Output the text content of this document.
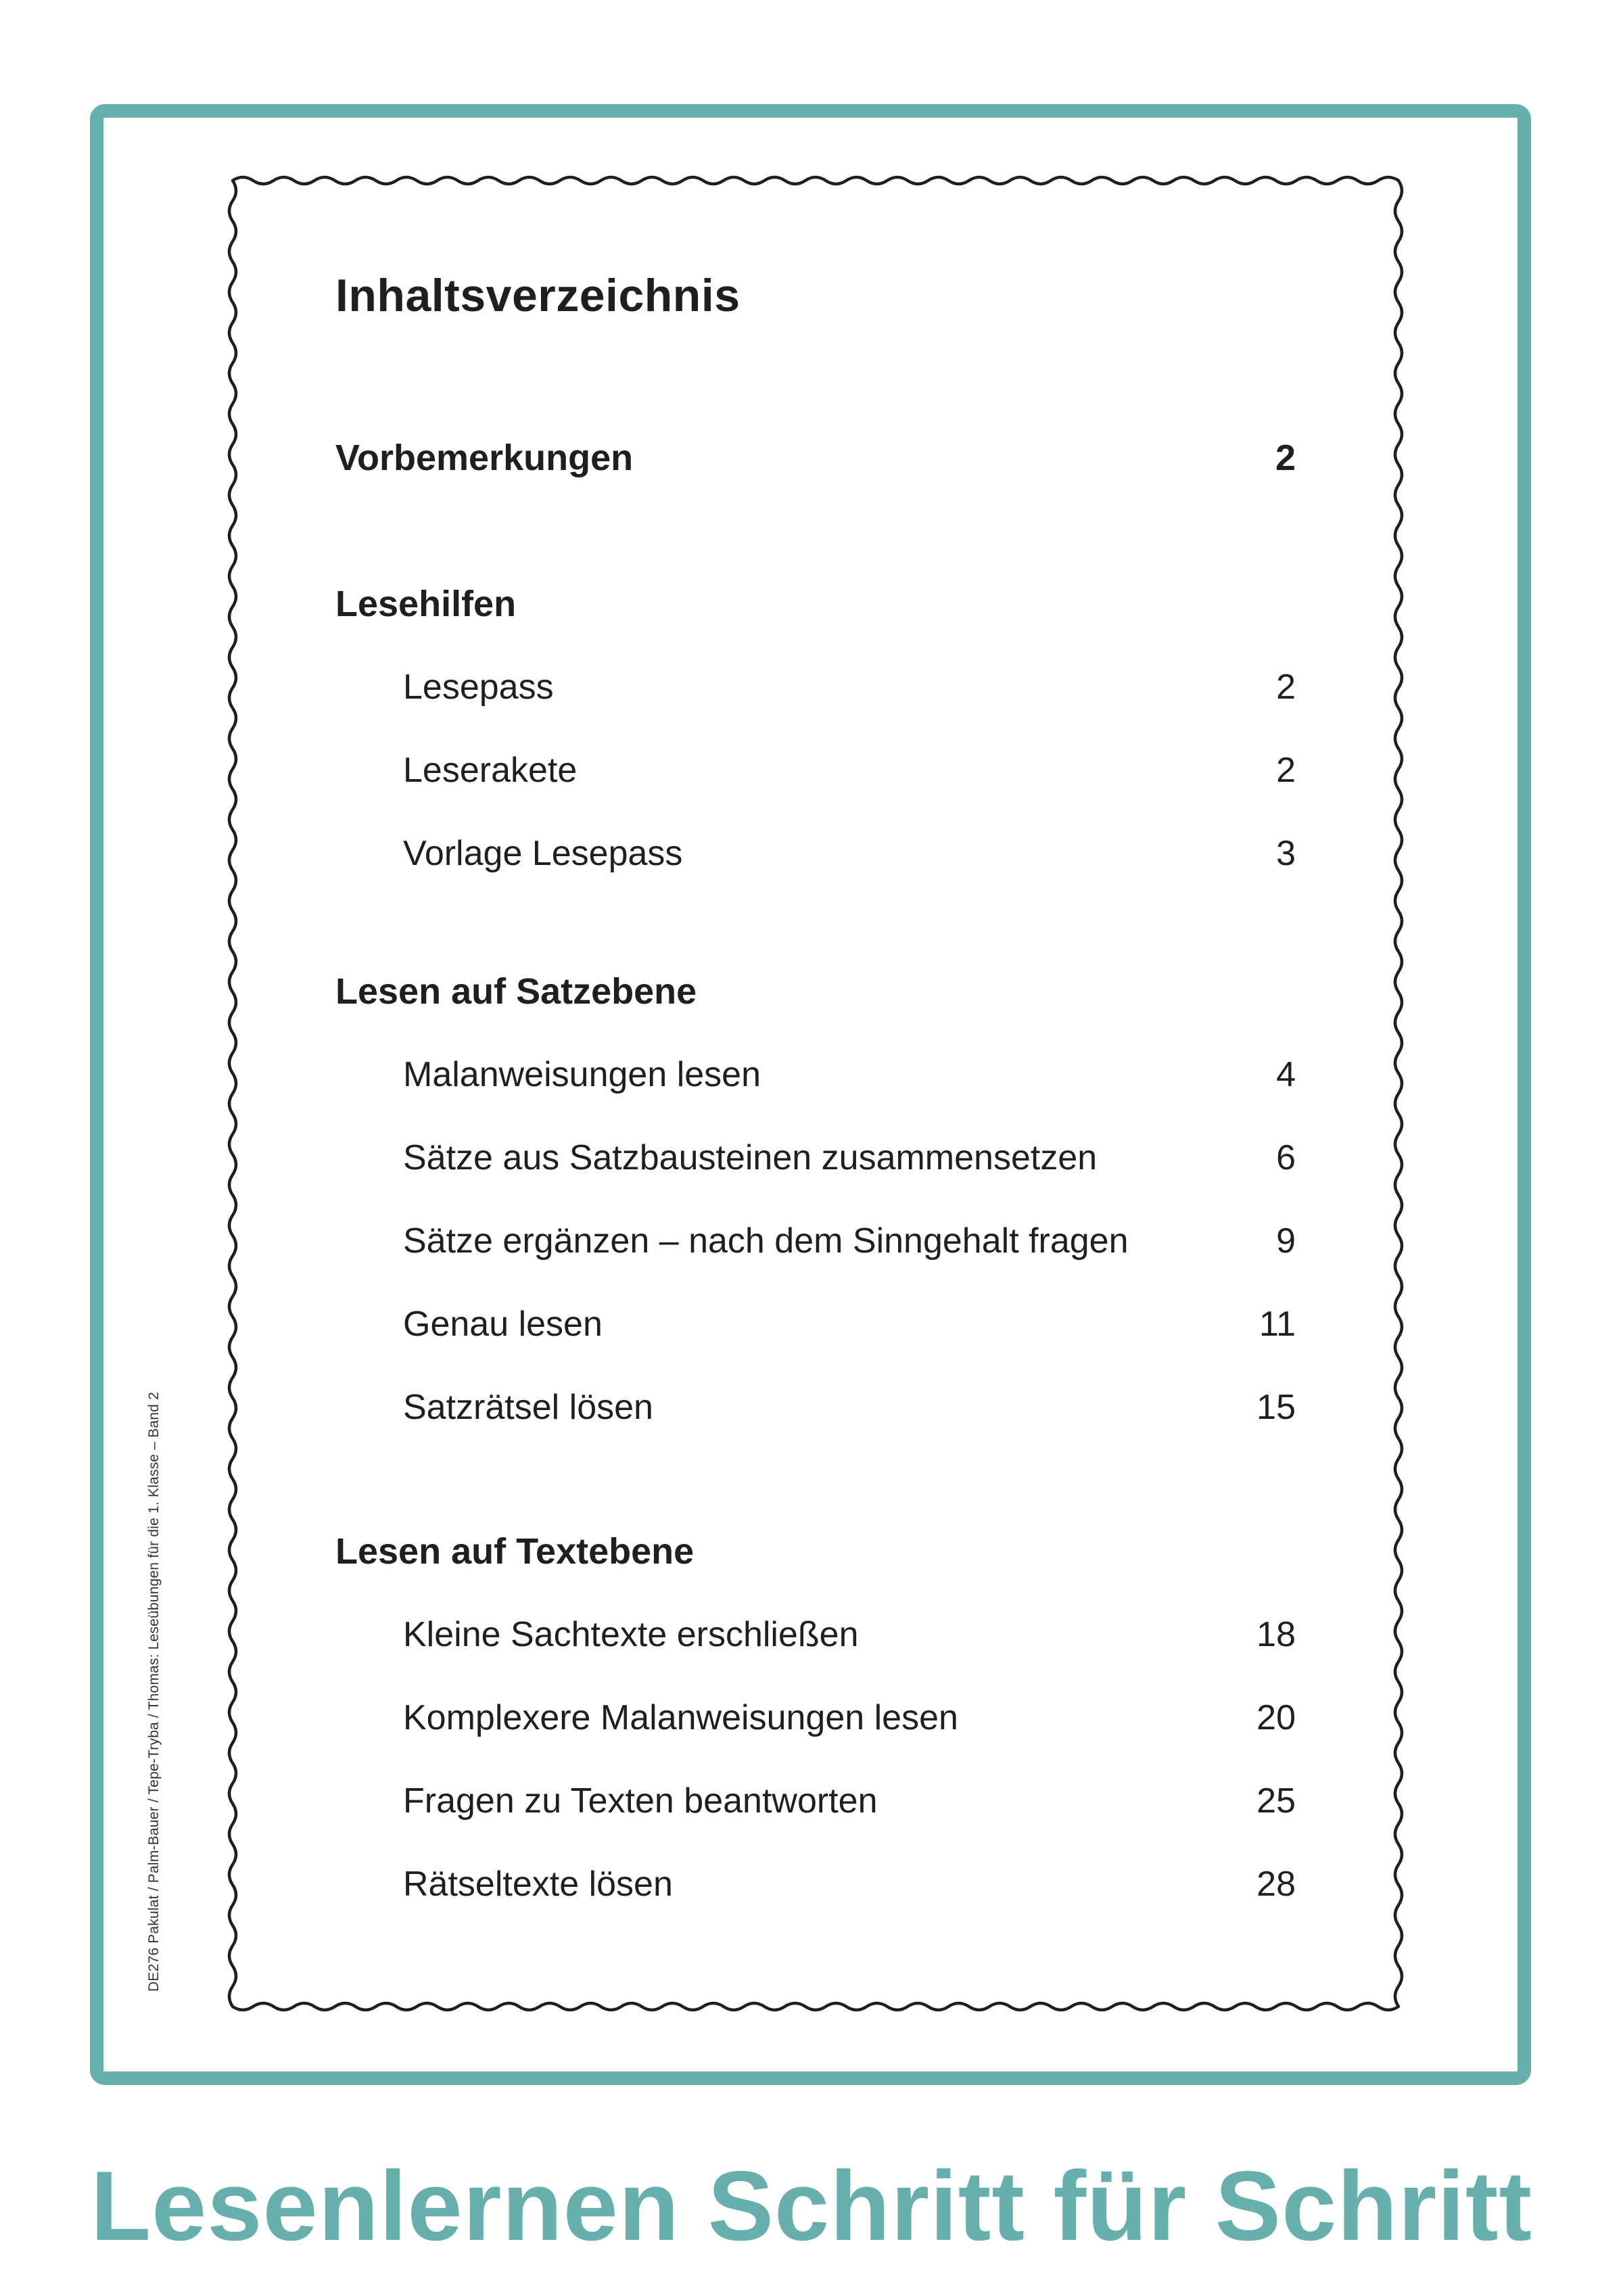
Inhaltsverzeichnis
Vorbemerkungen	2
Lesehilfen
Lesepass	2
Leserakete	2
Vorlage Lesepass	3
Lesen auf Satzebene
Malanweisungen lesen	4
Sätze aus Satzbausteinen zusammensetzen	6
Sätze ergänzen – nach dem Sinngehalt fragen	9
Genau lesen	11
Satzrätsel lösen	15
Lesen auf Textebene
Kleine Sachtexte erschließen	18
Komplexere Malanweisungen lesen	20
Fragen zu Texten beantworten	25
Rätseltexte lösen	28
DE276 Pakulat / Palm-Bauer / Tepe-Tryba / Thomas: Leseübungen für die 1. Klasse – Band 2
Lesenlernen Schritt für Schritt
